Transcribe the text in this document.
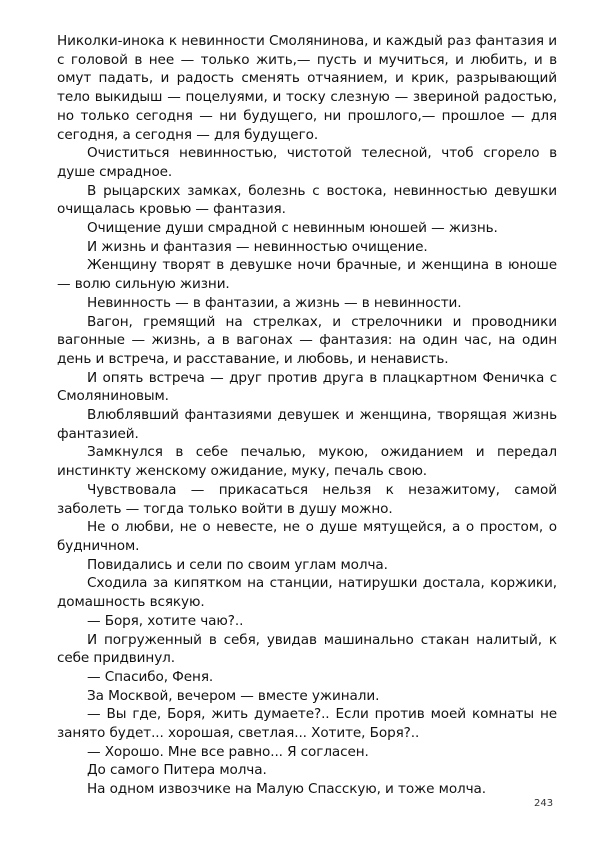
Николки-инока к невинности Смолянинова, и каждый раз фантазия и с головой в нее — только жить,— пусть и мучиться, и любить, и в омут падать, и радость сменять отчаянием, и крик, разрывающий тело выкидыш — поцелуями, и тоску слезную — звериной радостью, но только сегодня — ни будущего, ни прошлого,— прошлое — для сегодня, а сегодня — для будущего.

Очиститься невинностью, чистотой телесной, чтоб сгорело в душе смрадное.

В рыцарских замках, болезнь с востока, невинностью девушки очищалась кровью — фантазия.

Очищение души смрадной с невинным юношей — жизнь.

И жизнь и фантазия — невинностью очищение.

Женщину творят в девушке ночи брачные, и женщина в юноше — волю сильную жизни.

Невинность — в фантазии, а жизнь — в невинности.

Вагон, гремящий на стрелках, и стрелочники и проводники вагонные — жизнь, а в вагонах — фантазия: на один час, на один день и встреча, и расставание, и любовь, и ненависть.

И опять встреча — друг против друга в плацкартном Феничка с Смоляниновым.

Влюблявший фантазиями девушек и женщина, творящая жизнь фантазией.

Замкнулся в себе печалью, мукою, ожиданием и передал инстинкту женскому ожидание, муку, печаль свою.

Чувствовала — прикасаться нельзя к незажитому, самой заболеть — тогда только войти в душу можно.

Не о любви, не о невесте, не о душе мятущейся, а о простом, о будничном.

Повидались и сели по своим углам молча.

Сходила за кипятком на станции, натирушки достала, коржики, домашность всякую.

— Боря, хотите чаю?..

И погруженный в себя, увидав машинально стакан налитый, к себе придвинул.

— Спасибо, Феня.

За Москвой, вечером — вместе ужинали.

— Вы где, Боря, жить думаете?.. Если против моей комнаты не занято будет... хорошая, светлая... Хотите, Боря?..

— Хорошо. Мне все равно... Я согласен.

До самого Питера молча.

На одном извозчике на Малую Спасскую, и тоже молча.

243
